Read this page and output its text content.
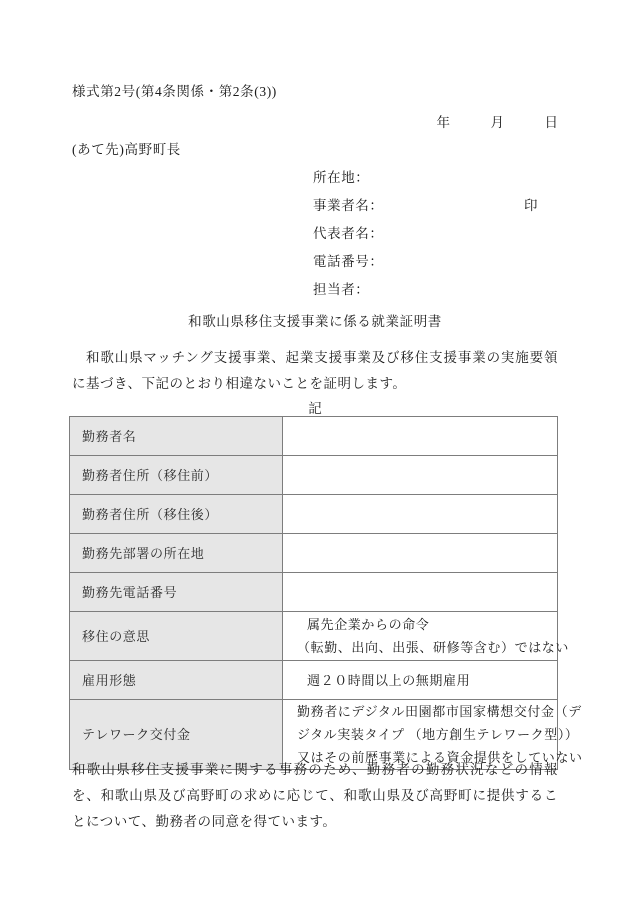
様式第2号(第4条関係・第2条(3))
年　　　月　　　日
(あて先)高野町長
所在地：
事業者名：	印
代表者名：
電話番号：
担当者：
和歌山県移住支援事業に係る就業証明書
和歌山県マッチング支援事業、起業支援事業及び移住支援事業の実施要領に基づき、下記のとおり相違ないことを証明します。
記
勤務者名	
勤務者住所（移住前）	
勤務者住所（移住後）	
勤務先部署の所在地	
勤務先電話番号	
移住の意思	属先企業からの命令
（転勤、出向、出張、研修等含む）ではない

雇用形態	週２０時間以上の無期雇用

テレワーク交付金	勤務者にデジタル田園都市国家構想交付金（デ
ジタル実装タイプ （地方創生テレワーク型））
又はその前歴事業による資金提供をしていない
和歌山県移住支援事業に関する事務のため、勤務者の勤務状況などの情報を、和歌山県及び高野町の求めに応じて、和歌山県及び高野町に提供することについて、勤務者の同意を得ています。
